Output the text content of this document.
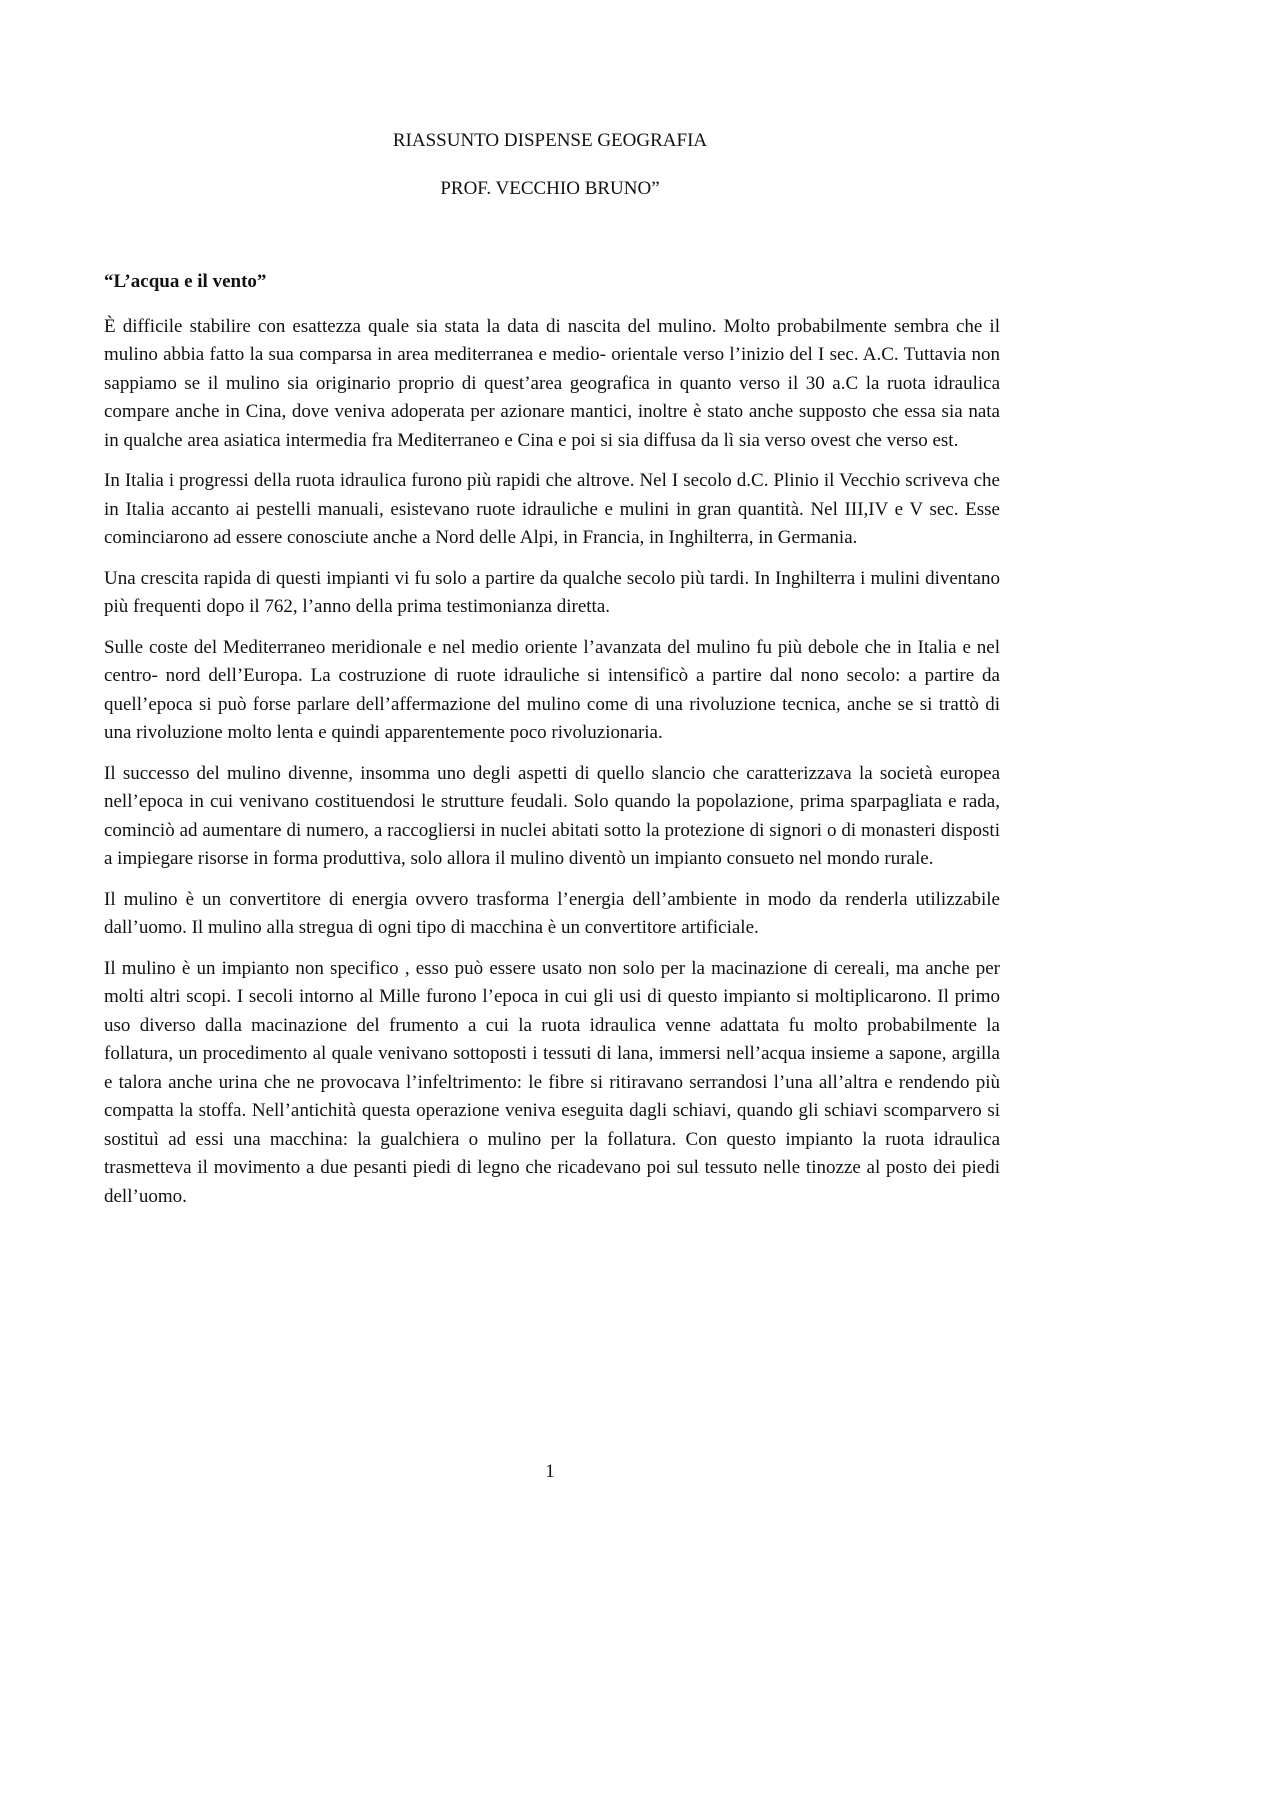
RIASSUNTO DISPENSE GEOGRAFIA
PROF. VECCHIO BRUNO”
“L’acqua e il vento”

È difficile stabilire con esattezza quale sia stata la data di nascita del mulino. Molto probabilmente sembra che il mulino abbia fatto la sua comparsa in area mediterranea e medio- orientale verso l’inizio del I sec. A.C. Tuttavia non sappiamo se il mulino sia originario proprio di quest’area geografica in quanto verso il 30 a.C la ruota idraulica compare anche in Cina, dove veniva adoperata per azionare mantici, inoltre è stato anche supposto che essa sia nata in qualche area asiatica intermedia fra Mediterraneo e Cina e poi si sia diffusa da lì sia verso ovest che verso est.

In Italia i progressi della ruota idraulica furono più rapidi che altrove. Nel I secolo d.C. Plinio il Vecchio scriveva che in Italia accanto ai pestelli manuali, esistevano ruote idrauliche e mulini in gran quantità. Nel III,IV e V sec. Esse cominciarono ad essere conosciute anche a Nord delle Alpi, in Francia, in Inghilterra, in Germania.

Una crescita rapida di questi impianti vi fu solo a partire da qualche secolo più tardi. In Inghilterra i mulini diventano più frequenti dopo il 762, l’anno della prima testimonianza diretta.

Sulle coste del Mediterraneo meridionale e nel medio oriente l’avanzata del mulino fu più debole che in Italia e nel centro- nord dell’Europa. La costruzione di ruote idrauliche si intensificò a partire dal nono secolo: a partire da quell’epoca si può forse parlare dell’affermazione del mulino come di una rivoluzione tecnica, anche se si trattò di una rivoluzione molto lenta e quindi apparentemente poco rivoluzionaria.

Il successo del mulino divenne, insomma uno degli aspetti di quello slancio che caratterizzava la società europea nell’epoca in cui venivano costituendosi le strutture feudali. Solo quando la popolazione, prima sparpagliata e rada, cominciò ad aumentare di numero, a raccogliersi in nuclei abitati sotto la protezione di signori o di monasteri disposti a impiegare risorse in forma produttiva, solo allora il mulino diventò un impianto consueto nel mondo rurale.

Il mulino è un convertitore di energia ovvero trasforma l’energia dell’ambiente in modo da renderla utilizzabile dall’uomo. Il mulino alla stregua di ogni tipo di macchina è un convertitore artificiale.

Il mulino è un impianto non specifico , esso può essere usato non solo per la macinazione di cereali, ma anche per molti altri scopi. I secoli intorno al Mille furono l’epoca in cui gli usi di questo impianto si moltiplicarono. Il primo uso diverso dalla macinazione del frumento a cui la ruota idraulica venne adattata fu molto probabilmente la follatura, un procedimento al quale venivano sottoposti i tessuti di lana, immersi nell’acqua insieme a sapone, argilla e talora anche urina che ne provocava l’infeltrimento: le fibre si ritiravano serrandosi l’una all’altra e rendendo più compatta la stoffa. Nell’antichità questa operazione veniva eseguita dagli schiavi, quando gli schiavi scomparvero si sostituì ad essi una macchina: la gualchiera o mulino per la follatura. Con questo impianto la ruota idraulica trasmetteva il movimento a due pesanti piedi di legno che ricadevano poi sul tessuto nelle tinozze al posto dei piedi dell’uomo.

1
